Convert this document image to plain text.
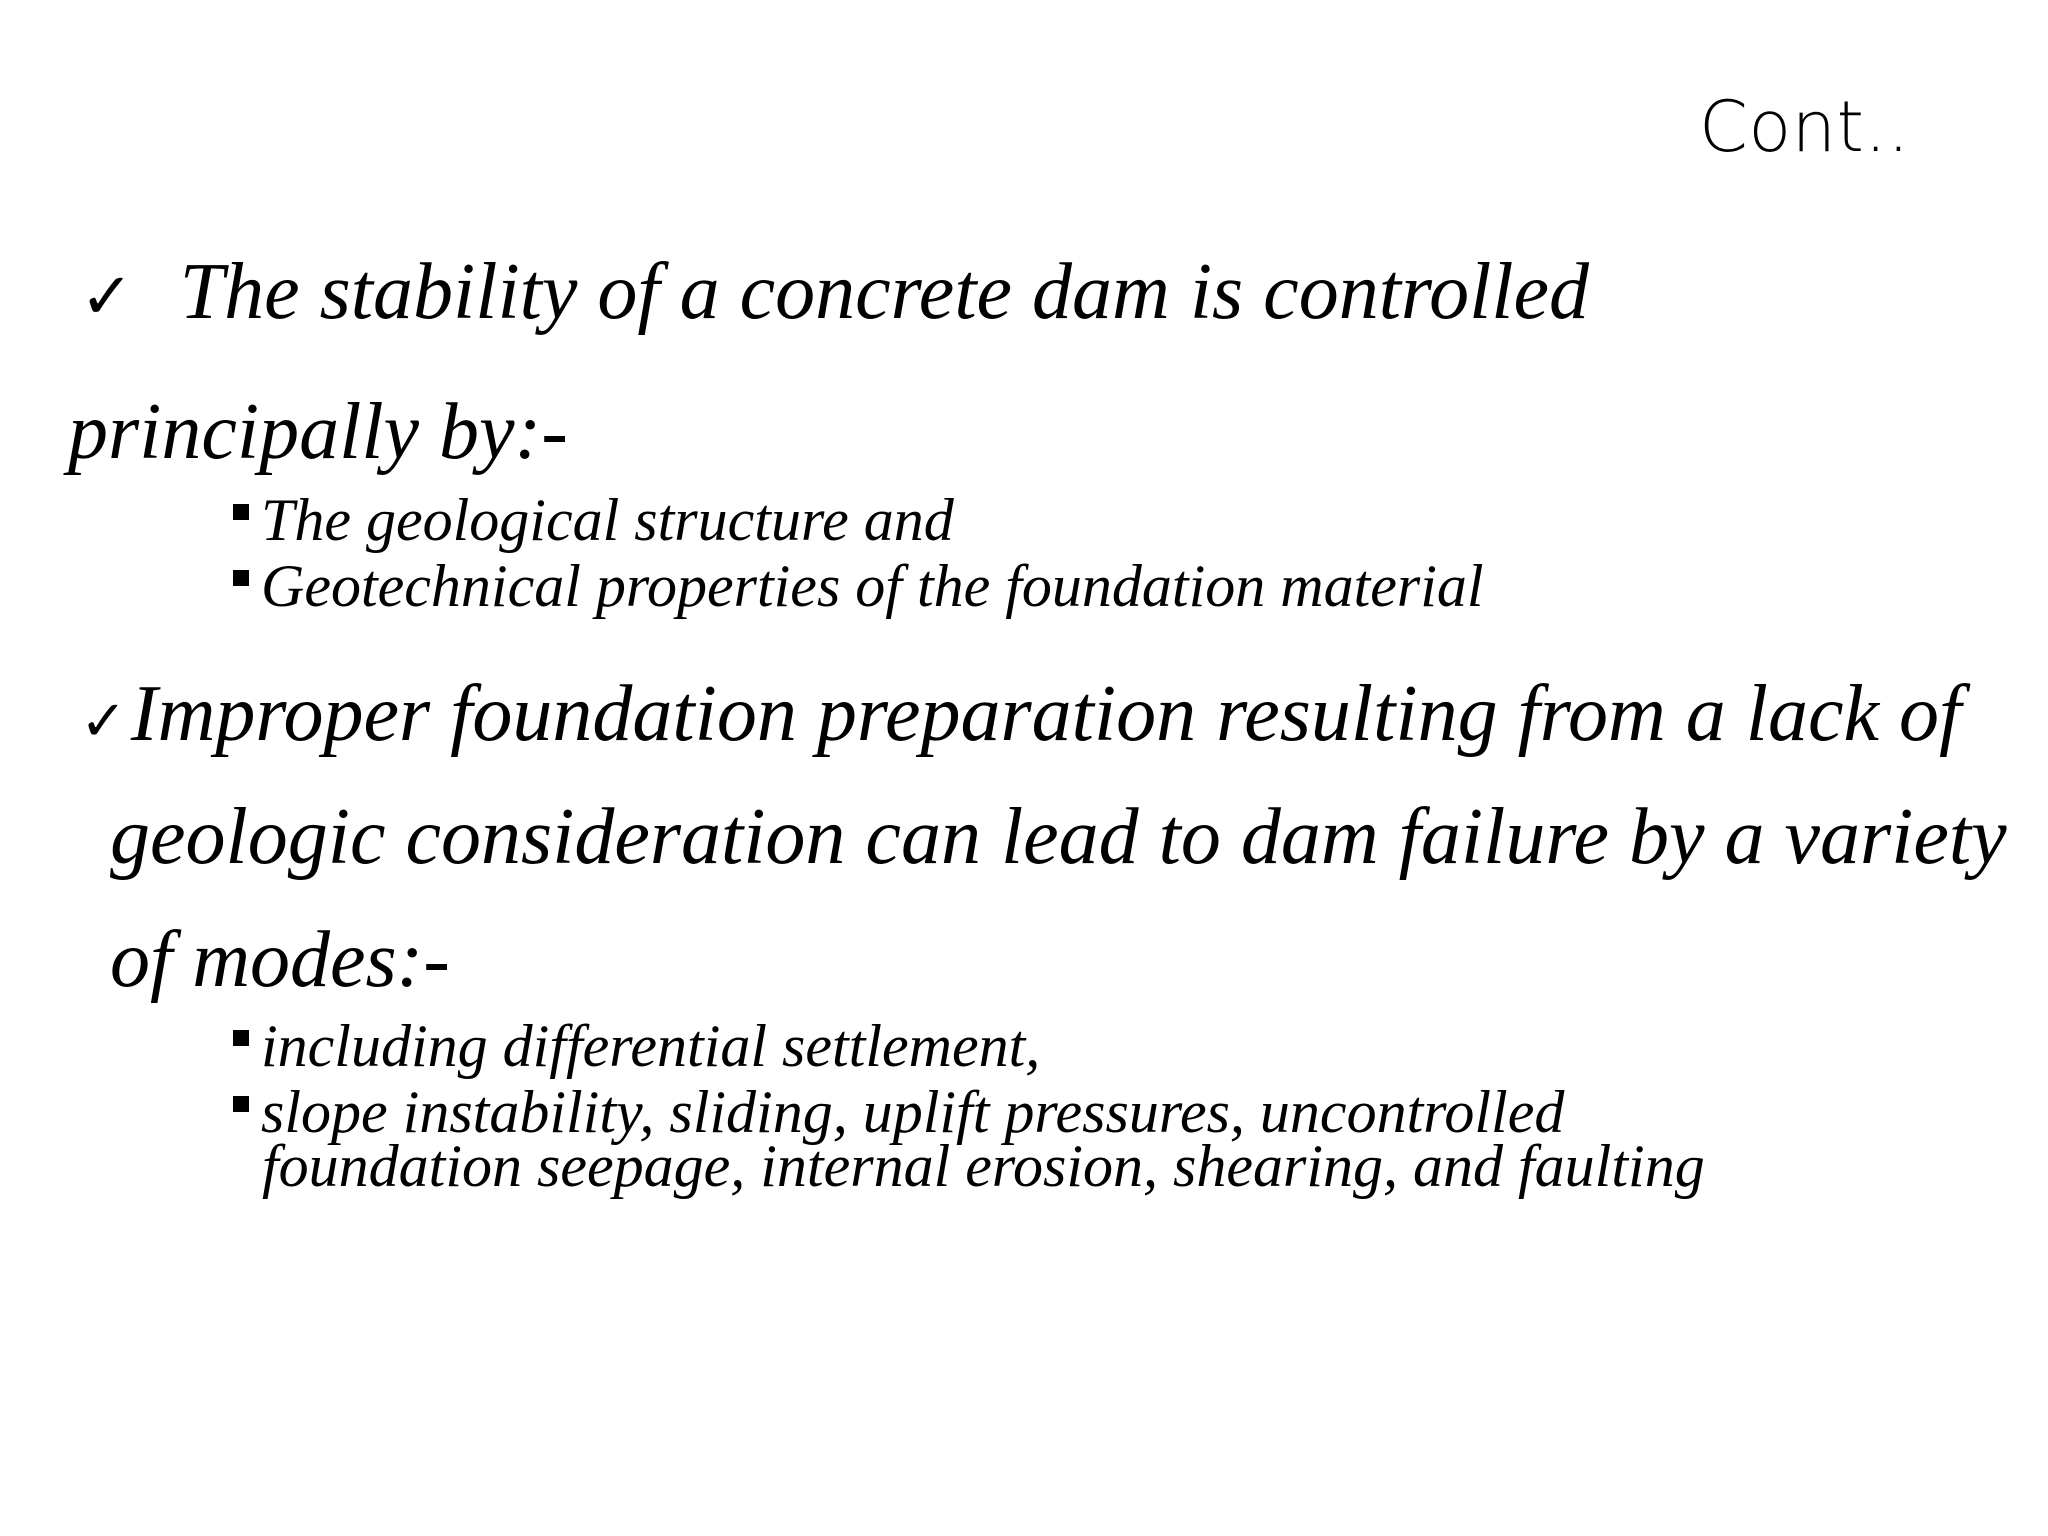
Cont..
✓ The stability of a concrete dam is controlled
principally by:-
The geological structure and
Geotechnical properties of the foundation material
✓Improper foundation preparation resulting from a lack of
geologic consideration can lead to dam failure by a variety
of modes:-
including differential settlement,
slope instability, sliding, uplift pressures, uncontrolled
foundation seepage, internal erosion, shearing, and faulting
